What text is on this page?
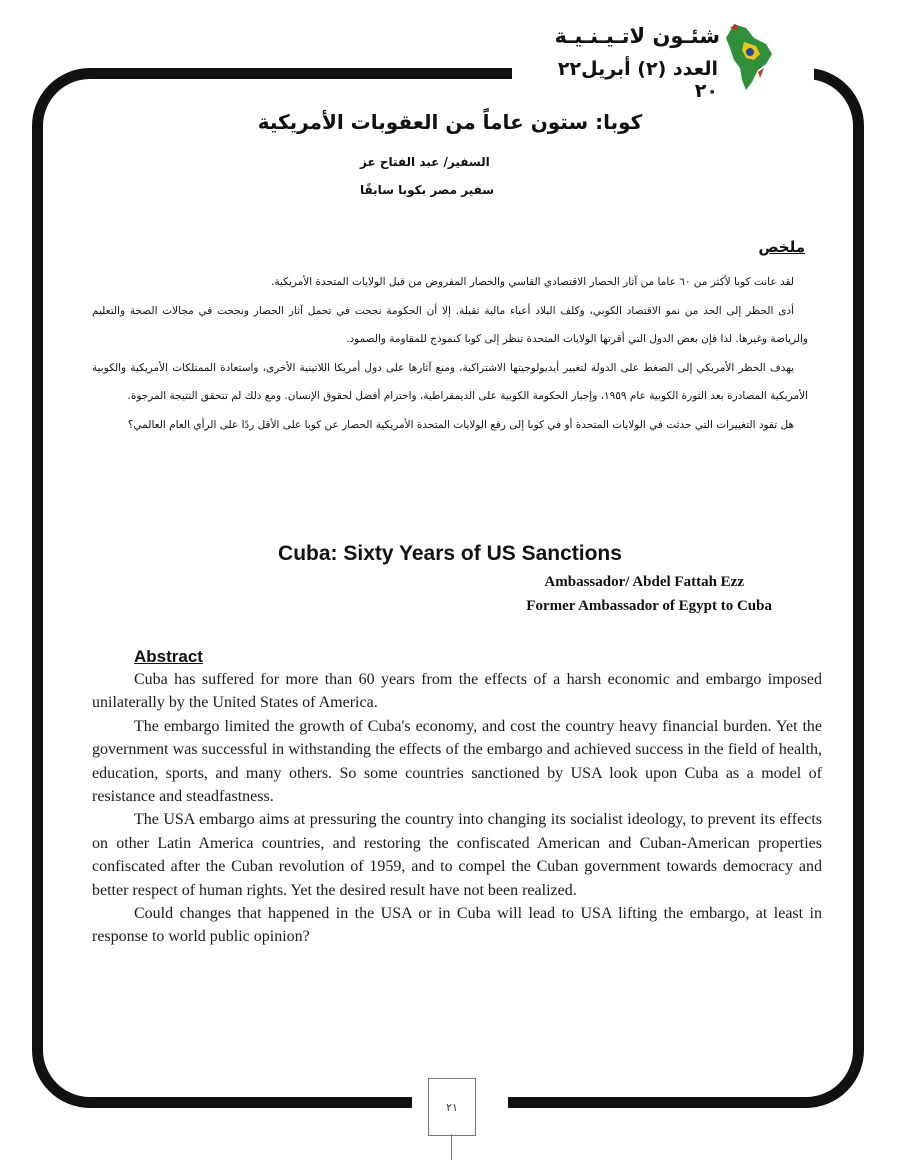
شئـون لاتـيـنـيـة
العدد (٢) أبريل٢٢ ٢٠
كوبا: ستون عاماً من العقوبات الأمريكية
السفير/ عبد الفتاح عز
سفير مصر بكوبا سابقًا
ملخص

لقد عانت كوبا لأكثر من ٦٠ عاما من آثار الحصار الاقتصادي القاسي والحصار المفروض من قبل الولايات المتحدة الأمريكية.

أدى الحظر إلى الحد من نمو الاقتصاد الكوبي، وكلف البلاد أعباء مالية ثقيلة. إلا أن الحكومة نجحت في تحمل آثار الحصار ونجحت في مجالات الصحة والتعليم والرياضة وغيرها. لذا فإن بعض الدول التي أقرتها الولايات المتحدة تنظر إلى كوبا كنموذج للمقاومة والصمود.

يهدف الحظر الأمريكي إلى الضغط على الدولة لتغيير أيديولوجيتها الاشتراكية، ومنع آثارها على دول أمريكا اللاتينية الأخرى، واستعادة الممتلكات الأمريكية والكوبية الأمريكية المصادرة بعد الثورة الكوبية عام ١٩٥٩، وإجبار الحكومة الكوبية على الديمقراطية، واحترام أفضل لحقوق الإنسان. ومع ذلك لم تتحقق النتيجة المرجوة.

هل تقود التغييرات التي حدثت في الولايات المتحدة أو في كوبا إلى رفع الولايات المتحدة الأمريكية الحصار عن كوبا على الأقل ردًا على الرأي العام العالمي؟

Cuba: Sixty Years of US Sanctions
Ambassador/ Abdel Fattah Ezz
Former Ambassador of Egypt to Cuba
Abstract

Cuba has suffered for more than 60 years from the effects of a harsh economic and embargo imposed unilaterally by the United States of America.

The embargo limited the growth of Cuba's economy, and cost the country heavy financial burden. Yet the government was successful in withstanding the effects of the embargo and achieved success in the field of health, education, sports, and many others. So some countries sanctioned by USA look upon Cuba as a model of resistance and steadfastness.

The USA embargo aims at pressuring the country into changing its socialist ideology, to prevent its effects on other Latin America countries, and restoring the confiscated American and Cuban-American properties confiscated after the Cuban revolution of 1959, and to compel the Cuban government towards democracy and better respect of human rights. Yet the desired result have not been realized.

Could changes that happened in the USA or in Cuba will lead to USA lifting the embargo, at least in response to world public opinion?

٢١
